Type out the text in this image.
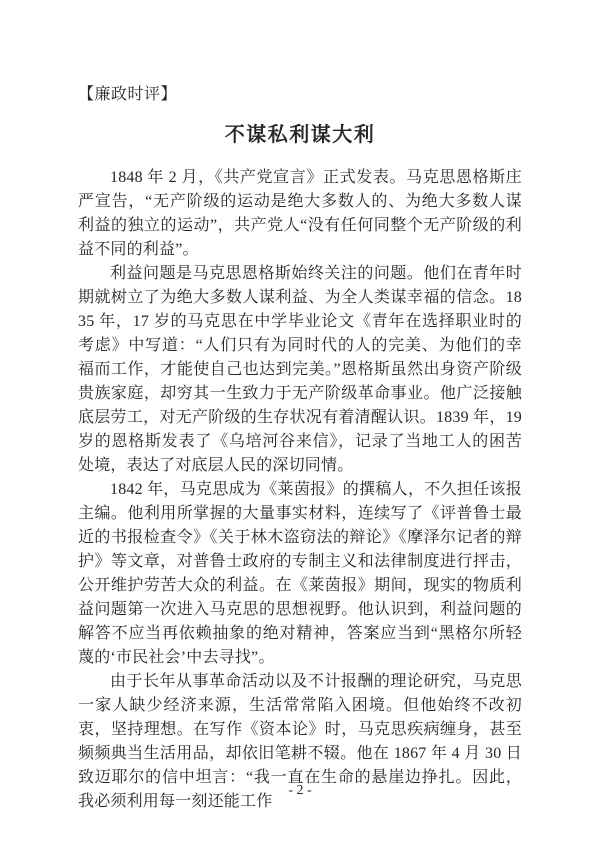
【廉政时评】
不谋私利谋大利

1848 年 2 月，《共产党宣言》正式发表。马克思恩格斯庄严宣告，“无产阶级的运动是绝大多数人的、为绝大多数人谋利益的独立的运动”，共产党人“没有任何同整个无产阶级的利益不同的利益”。

利益问题是马克思恩格斯始终关注的问题。他们在青年时期就树立了为绝大多数人谋利益、为全人类谋幸福的信念。1835 年，17 岁的马克思在中学毕业论文《青年在选择职业时的考虑》中写道：“人们只有为同时代的人的完美、为他们的幸福而工作，才能使自己也达到完美。”恩格斯虽然出身资产阶级贵族家庭，却穷其一生致力于无产阶级革命事业。他广泛接触底层劳工，对无产阶级的生存状况有着清醒认识。1839 年，19 岁的恩格斯发表了《乌培河谷来信》，记录了当地工人的困苦处境，表达了对底层人民的深切同情。

1842 年，马克思成为《莱茵报》的撰稿人，不久担任该报主编。他利用所掌握的大量事实材料，连续写了《评普鲁士最近的书报检查令》《关于林木盗窃法的辩论》《摩泽尔记者的辩护》等文章，对普鲁士政府的专制主义和法律制度进行抨击，公开维护劳苦大众的利益。在《莱茵报》期间，现实的物质利益问题第一次进入马克思的思想视野。他认识到，利益问题的解答不应当再依赖抽象的绝对精神，答案应当到“黑格尔所轻蔑的‘市民社会’中去寻找”。

由于长年从事革命活动以及不计报酬的理论研究，马克思一家人缺少经济来源，生活常常陷入困境。但他始终不改初衷，坚持理想。在写作《资本论》时，马克思疾病缠身，甚至频频典当生活用品，却依旧笔耕不辍。他在 1867 年 4 月 30 日致迈耶尔的信中坦言：“我一直在生命的悬崖边挣扎。因此，我必须利用每一刻还能工作

- 2 -
